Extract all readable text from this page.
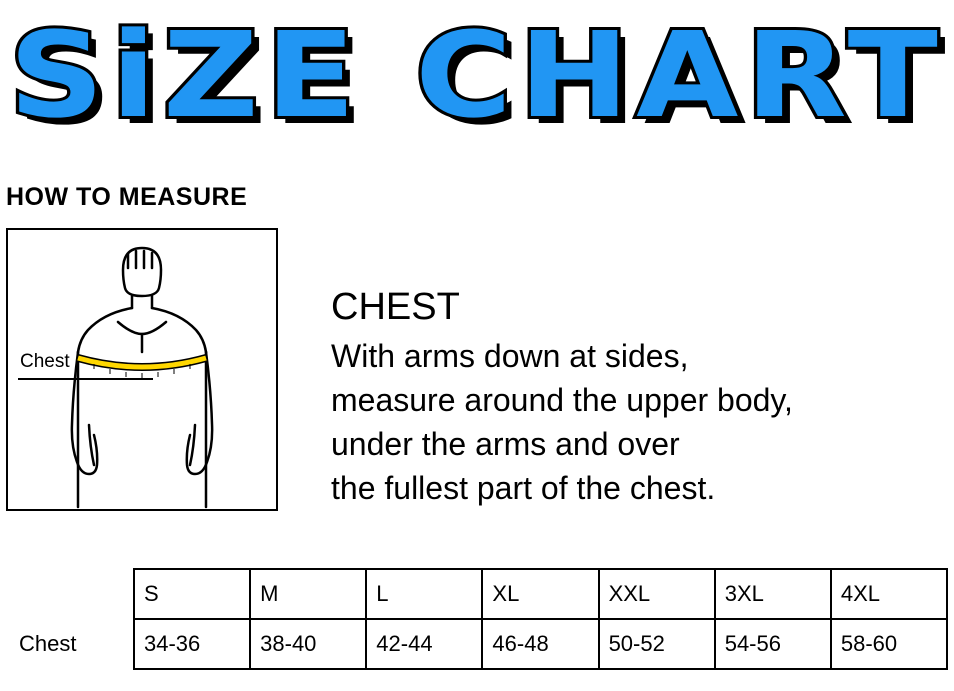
SiZE CHART
HOW TO MEASURE
Chest
CHEST
With arms down at sides,
measure around the upper body,
under the arms and over
the fullest part of the chest.
	S	M	L	XL	XXL	3XL	4XL
Chest	34-36	38-40	42-44	46-48	50-52	54-56	58-60
